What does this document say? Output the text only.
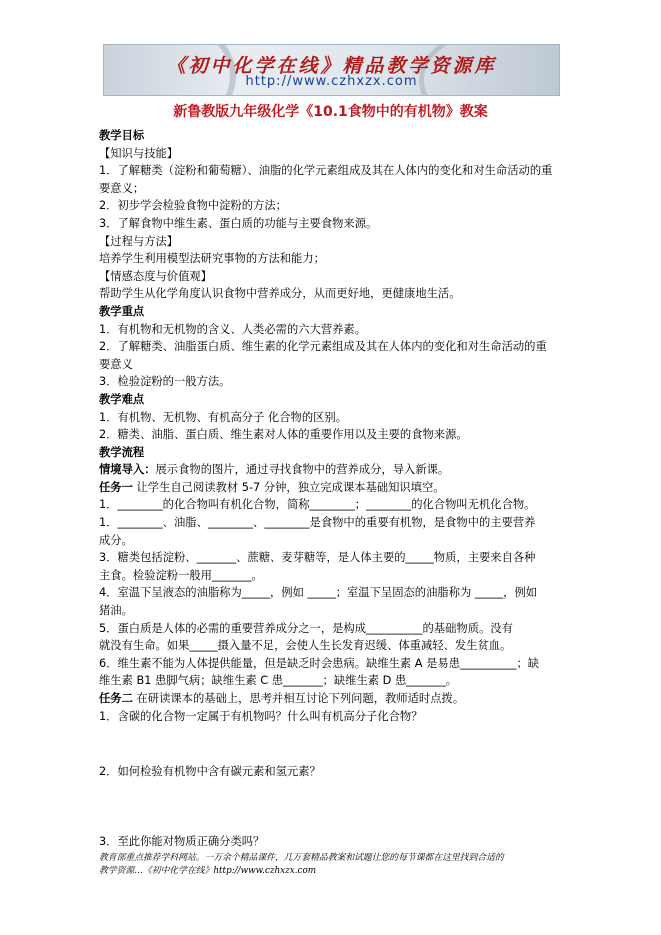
《初中化学在线》精品教学资源库
http://www.czhxzx.com
新鲁教版九年级化学《10.1食物中的有机物》教案

教学目标

【知识与技能】

1．了解糖类（淀粉和葡萄糖）、油脂的化学元素组成及其在人体内的变化和对生命活动的重

要意义；

2．初步学会检验食物中淀粉的方法；

3．了解食物中维生素、蛋白质的功能与主要食物来源。

【过程与方法】

培养学生利用模型法研究事物的方法和能力；

【情感态度与价值观】

帮助学生从化学角度认识食物中营养成分，从而更好地，更健康地生活。

教学重点

1．有机物和无机物的含义、人类必需的六大营养素。

2．了解糖类、油脂蛋白质、维生素的化学元素组成及其在人体内的变化和对生命活动的重

要意义

3．检验淀粉的一般方法。

教学难点

1．有机物、无机物、有机高分子 化合物的区别。

2．糖类、油脂、蛋白质、维生素对人体的重要作用以及主要的食物来源。

教学流程

情境导入：展示食物的图片，通过寻找食物中的营养成分，导入新课。

任务一 让学生自己阅读教材 5-7 分钟，独立完成课本基础知识填空。

1．________的化合物叫有机化合物，简称________；________的化合物叫无机化合物。

1．________、油脂、________、________是食物中的重要有机物，是食物中的主要营养

成分。

3．糖类包括淀粉、_______、蔗糖、麦芽糖等，是人体主要的_____物质，主要来自各种

主食。检验淀粉一般用_______。

4．室温下呈液态的油脂称为_____，例如 _____；室温下呈固态的油脂称为 _____，例如

猪油。

5．蛋白质是人体的必需的重要营养成分之一，是构成__________的基础物质。没有

就没有生命。如果_____摄入量不足，会使人生长发育迟缓、体重减轻、发生贫血。

6．维生素不能为人体提供能量，但是缺乏时会患病。缺维生素 A 是易患__________；缺

维生素 B1 患脚气病；缺维生素 C 患_______；缺维生素 D 患_______。

任务二 在研读课本的基础上，思考并相互讨论下列问题，教师适时点拨。

1．含碳的化合物一定属于有机物吗？什么叫有机高分子化合物？

2．如何检验有机物中含有碳元素和氢元素？

3．至此你能对物质正确分类吗？

教育部重点推荐学科网站。一万余个精品课件，几万套精品教案和试题让您的每节课都在这里找到合适的
教学资源…《初中化学在线》http://www.czhxzx.com
